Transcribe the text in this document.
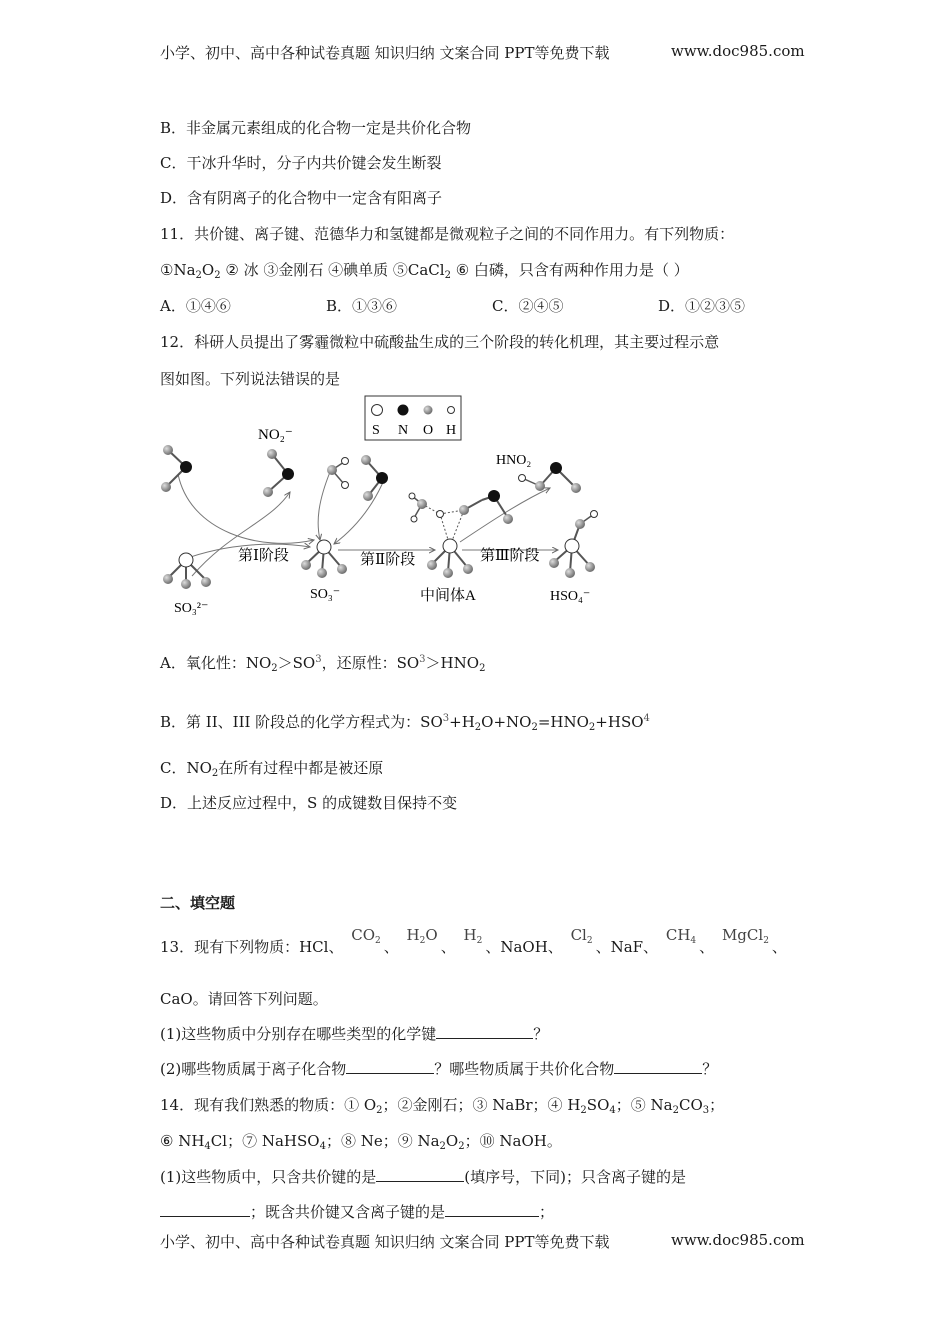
小学、初中、高中各种试卷真题 知识归纳 文案合同 PPT等免费下载	www.doc985.com
B．非金属元素组成的化合物一定是共价化合物
C．干冰升华时，分子内共价键会发生断裂
D．含有阴离子的化合物中一定含有阳离子
11．共价键、离子键、范德华力和氢键都是微观粒子之间的不同作用力。有下列物质：
$①Na_2O_2$ ② 冰 ③金刚石 ④碘单质 ⑤CaCl$_2$ ⑥ 白磷，只含有两种作用力是（ ）
A．①④⑥	B．①③⑥	C．②④⑤	D．①②③⑤
12．科研人员提出了雾霾微粒中硫酸盐生成的三个阶段的转化机理，其主要过程示意
图如图。下列说法错误的是
S N O H
NO₂⁻
SO₃²⁻
SO₃⁻	中间体A
HNO₂
HSO₄⁻
第Ⅰ阶段	第Ⅱ阶段	第Ⅲ阶段
A．氧化性：$NO_2>SO^3$，还原性：$SO^3>HNO_2$
B．第 II、III 阶段总的化学方程式为：$SO^3+H_2O+NO_2=HNO_2+HSO^4$
C．$NO_2$在所有过程中都是被还原
D．上述反应过程中，S 的成键数目保持不变
二、填空题
13．现有下列物质：HCl、 $CO_2$ 、 $H_2O$、 $H_2$ 、NaOH、 $Cl_2$ 、NaF、 $CH_4$ 、 MgCl$_2$ 、
CaO。请回答下列问题。
(1)这些物质中分别存在哪些类型的化学键	？
(2)哪些物质属于离子化合物	？哪些物质属于共价化合物	？
14．现有我们熟悉的物质：① $O_2$；②金刚石；③ NaBr；④ $H_2SO_4$；⑤ $Na_2CO_3$；
⑥ $NH_4Cl$；⑦ NaHSO$_4$；⑧ Ne；⑨ $Na_2O_2$；⑩ NaOH。
(1)这些物质中，只含共价键的是	(填序号，下同)；只含离子键的是
；既含共价键又含离子键的是	；
小学、初中、高中各种试卷真题 知识归纳 文案合同 PPT等免费下载	www.doc985.com
